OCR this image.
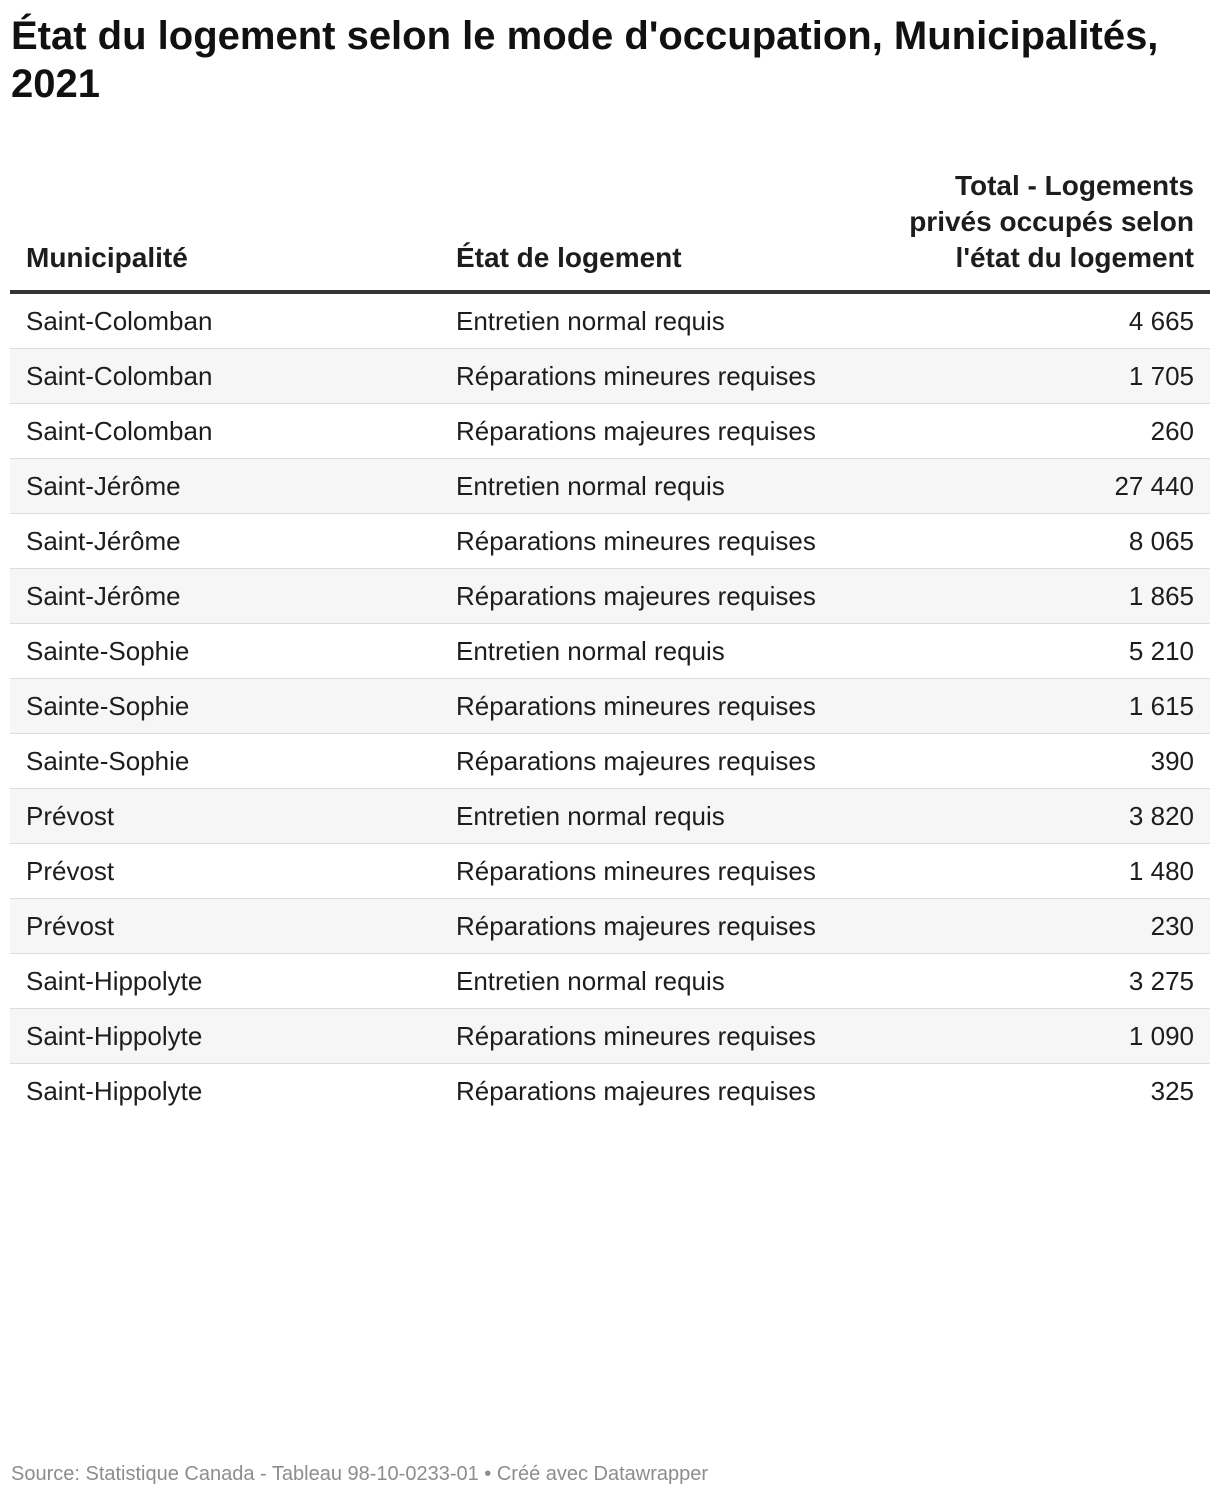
État du logement selon le mode d'occupation, Municipalités, 2021
Municipalité	État de logement	Total - Logements privés occupés selon l'état du logement
Saint-Colomban	Entretien normal requis	4 665
Saint-Colomban	Réparations mineures requises	1 705
Saint-Colomban	Réparations majeures requises	260
Saint-Jérôme	Entretien normal requis	27 440
Saint-Jérôme	Réparations mineures requises	8 065
Saint-Jérôme	Réparations majeures requises	1 865
Sainte-Sophie	Entretien normal requis	5 210
Sainte-Sophie	Réparations mineures requises	1 615
Sainte-Sophie	Réparations majeures requises	390
Prévost	Entretien normal requis	3 820
Prévost	Réparations mineures requises	1 480
Prévost	Réparations majeures requises	230
Saint-Hippolyte	Entretien normal requis	3 275
Saint-Hippolyte	Réparations mineures requises	1 090
Saint-Hippolyte	Réparations majeures requises	325
Source: Statistique Canada - Tableau 98-10-0233-01 • Créé avec Datawrapper
